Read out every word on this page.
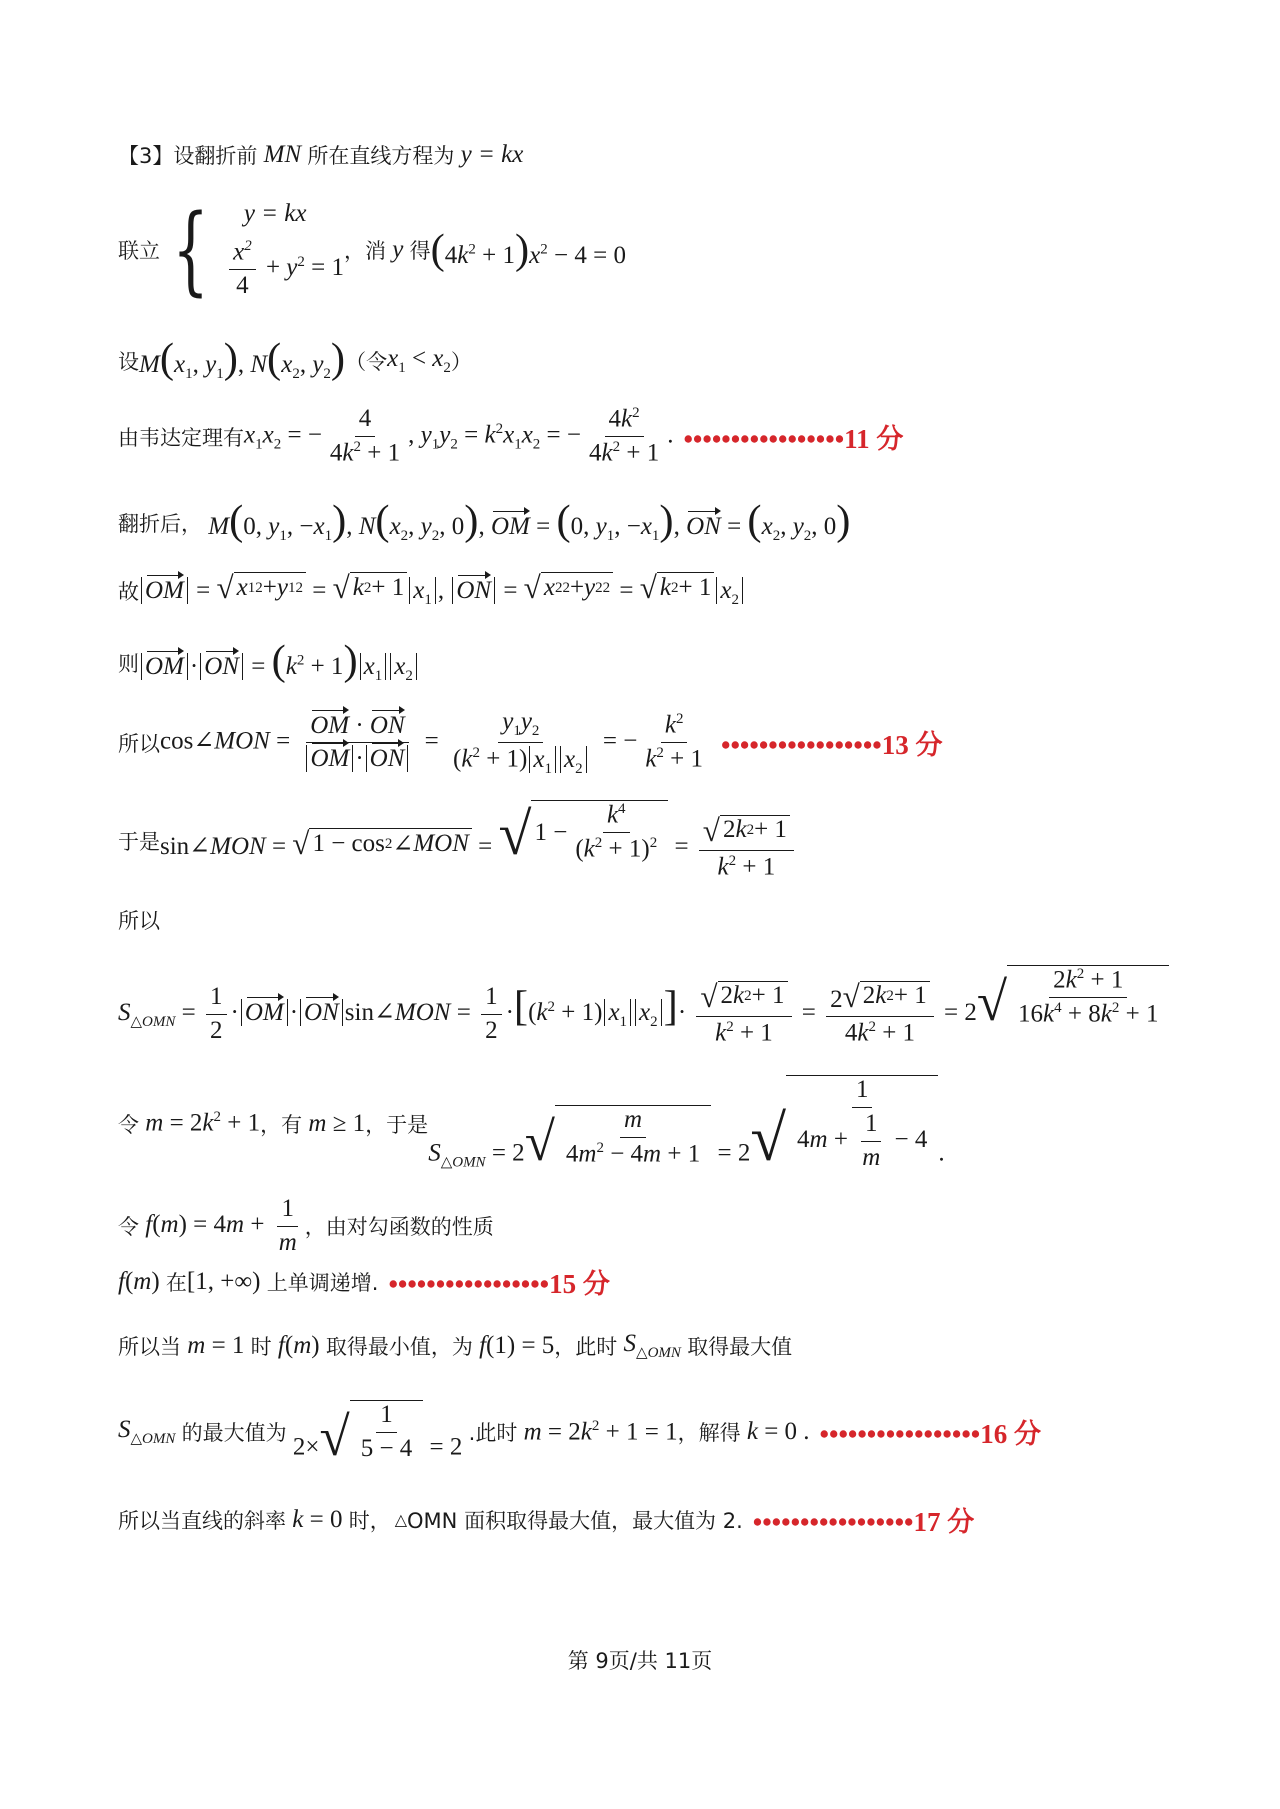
【3】设翻折前 MN 所在直线方程为 y = kx
联立 { y = kx
$\frac{x^2}{4} + y^2 = 1$
，消 y 得 $(4k^2 + 1)x^2 - 4 = 0$
设 $M(x_1$, $y_1$), $N(x_2$, $y_2$) （令 $x_1 < x_2$ ）
由韦达定理有 $x_1x_2$ = − $\frac{4}{4k^2 + 1}$ , $y_1y_2 = k^2x_1x_2$ = − $\frac{4k^2}{4k^2 + 1}$ . •••••••••••••••••11 分
翻折后， M(0, $y_1$, $-x_1$), $N(x_2$, $y_2$, 0), OM = (0, $y_1$, $-x_1$), ON = ($x_2$, $y_2$, 0)
故 OM = √ x 1 2 + y 1 2 = √ k 2 + 1 $x_1$ , ON = √ x 2 2 + y 2 2 = √ k 2 + 1 $x_2$
则 OM · ON = $(k^2 + 1)$ $x_1$ $x_2$
所以 cos∠MON = $\frac{OM \cdot ON}{OM \cdot ON} = \frac{y_1y_2}{(k^2 + 1) x_1 x_2}$ = − $\frac{k^2}{k^2 + 1}$ •••••••••••••••••13 分
于是 sin∠MON = √ 1 − cos 2 ∠ MON = √ $1 - \frac{k^4}{(k^2 + 1)^2} = \frac{√ 2 k 2 + 1}{k^2 + 1}$
所以
$S_{\triangle OMN} = \frac{1}{2}$ · OM · ON sin∠MON = $\frac{1}{2} \cdot[(k^2 + 1)$ $x_1$ $x_2$ ]· $\frac{√ 2 k 2 + 1}{k^2 + 1} = \frac{2 √ 2 k 2 + 1}{4k^2 + 1} = 2$ √ $\frac{2k^2 + 1}{16k^4 + 8k^2 + 1}$
令 $m = 2k^2 + 1$ ，有 m ≥ 1 ，于是
$S_{\triangle OMN} = 2$ √ $\frac{m}{4m^2 - 4m + 1} = 2$ √ $\frac{1}{4m + \frac{1}{m} - 4}$ .
令 $f(m) = 4m + \frac{1}{m}$ ，由对勾函数的性质
f(m) 在 [1, +∞) 上单调递增. •••••••••••••••••15 分
所以当 m = 1 时 f(m) 取得最小值，为 f(1) = 5 ，此时 $S_{\triangle OMN}$ 取得最大值
$S_{\triangle OMN}$ 的最大值为
2× √ $\frac{1}{5 - 4} = 2$
.此时 $m = 2k^2 + 1 = 1$ ，解得 k = 0 . •••••••••••••••••16 分
所以当直线的斜率 k = 0 时， △ OMN 面积取得最大值，最大值为 2. •••••••••••••••••17 分
第 9页/共 11页
